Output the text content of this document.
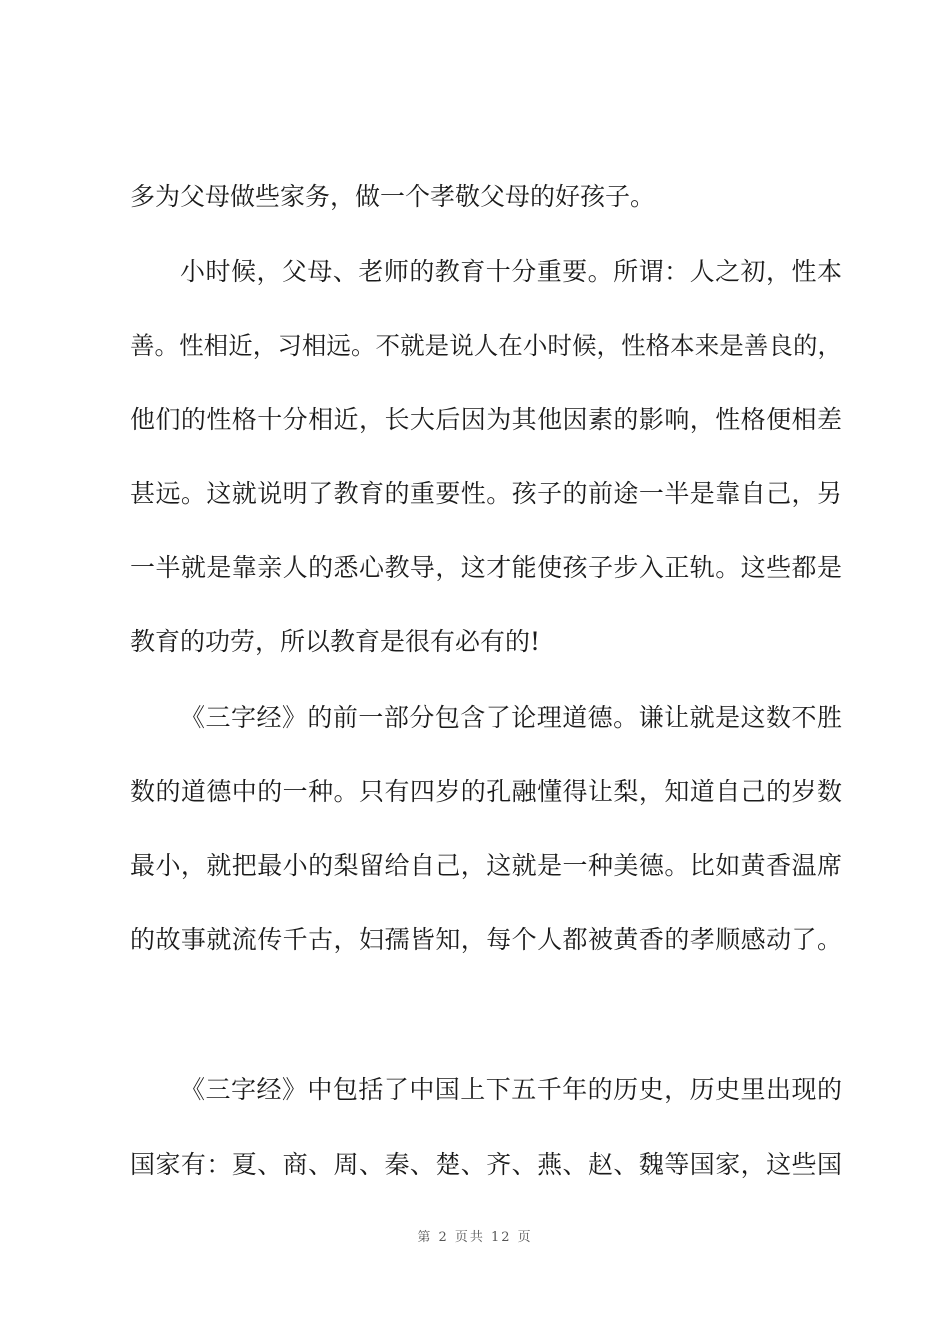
多为父母做些家务，做一个孝敬父母的好孩子。
小时候，父母、老师的教育十分重要。所谓：人之初，性本
善。性相近，习相远。不就是说人在小时候，性格本来是善良的，
他们的性格十分相近，长大后因为其他因素的影响，性格便相差
甚远。这就说明了教育的重要性。孩子的前途一半是靠自己，另
一半就是靠亲人的悉心教导，这才能使孩子步入正轨。这些都是
教育的功劳，所以教育是很有必有的!
《三字经》的前一部分包含了论理道德。谦让就是这数不胜
数的道德中的一种。只有四岁的孔融懂得让梨，知道自己的岁数
最小，就把最小的梨留给自己，这就是一种美德。比如黄香温席
的故事就流传千古，妇孺皆知，每个人都被黄香的孝顺感动了。
《三字经》中包括了中国上下五千年的历史，历史里出现的
国家有：夏、商、周、秦、楚、齐、燕、赵、魏等国家，这些国
第 2 页共 12 页
